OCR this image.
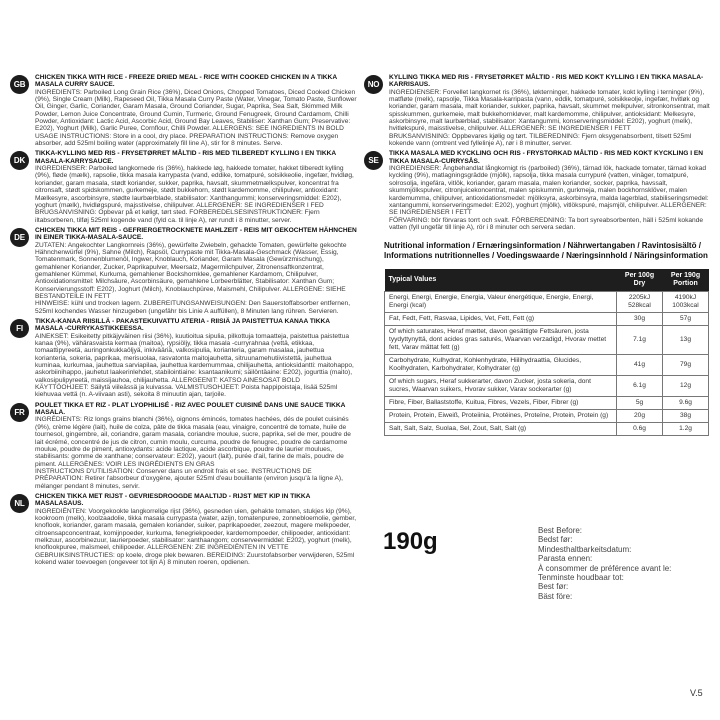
GB

CHICKEN TIKKA WITH RICE - FREEZE DRIED MEAL - RICE WITH COOKED CHICKEN IN A TIKKA MASALA CURRY SAUCE.

INGREDIENTS: Parboiled Long Grain Rice (36%), Diced Onions, Chopped Tomatoes, Diced Cooked Chicken (9%), Single Cream (Milk), Rapeseed Oil, Tikka Masala Curry Paste (Water, Vinegar, Tomato Paste, Sunflower Oil, Ginger, Garlic, Coriander, Garam Masala, Ground Coriander, Sugar, Paprika, Sea Salt, Skimmed Milk Powder, Lemon Juice Concentrate, Ground Cumin, Turmeric, Ground Fenugreek, Ground Cardamom, Chilli Powder, Antioxidant: Lactic Acid, Ascorbic Acid, Ground Bay Leaves, Stabiliser: Xanthan Gum; Preservative: E202), Yoghurt (Milk), Garlic Puree, Cornflour, Chilli Powder. ALLERGENS: SEE INGREDIENTS IN BOLD

USAGE INSTRUCTIONS: Store in a cool, dry place. PREPARATION INSTRUCTIONS: Remove oxygen absorber, add 525ml boiling water (approximately fill line A), stir for 8 minutes. Serve.

DK

TIKKA-KYLLING MED RIS - FRYSETØRRET MÅLTID - RIS MED TILBEREDT KYLLING I EN TIKKA MASALA-KARRYSAUCE.

INGREDIENSER: Parboiled langkornede ris (36%), hakkede løg, hakkede tomater, hakket tilberedt kylling (9%), fløde (mælk), rapsolie, tikka masala karrypasta (vand, eddike, tomatpuré, solsikkeolie, ingefær, hvidløg, koriander, garam masala, stødt koriander, sukker, paprika, havsalt, skummetmælkspulver, koncentrat fra citronsaft, stødt spidskommen, gurkemeje, stødt bukkehorn, stødt kardemomme, chilipulver, antioxidant: Mælkesyre, ascorbinsyre, stødte laurbærblade, stabilisator: Xanthangummi; konserveringsmiddel: E202), yoghurt (mælk), hvidløgspuré, majsstivelse, chilipulver. ALLERGENER: SE INGREDIENSER I FED

BRUGSANVISNING: Opbevar på et køligt, tørt sted. FORBEREDELSESINSTRUKTIONER: Fjern iltabsorberen, tilføj 525ml kogende vand (fyld ca. til linje A), rør rundt i 8 minutter, server.

DE

CHICKEN TIKKA MIT REIS - GEFRIERGETROCKNETE MAHLZEIT - REIS MIT GEKOCHTEM HÄHNCHEN IN EINER TIKKA-MASALA-SAUCE.

ZUTATEN: Angekochter Langkornreis (36%), gewürfelte Zwiebeln, gehackte Tomaten, gewürfelte gekochte Hähnchenwürfel (9%), Sahne (Milch), Rapsöl, Currypaste mit Tikka-Masala-Geschmack (Wasser, Essig, Tomatenmark, Sonnenblumenöl, Ingwer, Knoblauch, Koriander, Garam Masala (Gewürzmischung), gemahlener Koriander, Zucker, Paprikapulver, Meersalz, Magermilchpulver, Zitronensaftkonzentrat, gemahlener Kümmel, Kurkuma, gemahlener Bockshornklee, gemahlener Kardamom, Chilipulver, Antioxidationsmittel: Milchsäure, Ascorbinsäure, gemahlene Lorbeerblätter, Stabilisator: Xanthan Gum; Konservierungsstoff: E202), Joghurt (Milch), Knoblauchpüree, Maismehl, Chilipulver. ALLERGENE: SIEHE BESTANDTEILE IN FETT

HINWEISE: kühl und trocken lagern. ZUBEREITUNGSANWEISUNGEN: Den Sauerstoffabsorber entfernen, 525ml kochendes Wasser hinzugeben (ungefähr bis Linie A auffüllen), 8 Minuten lang rühren. Servieren.

FI

TIKKA-KANAA RIISILLÄ - PAKASTEKUIVATTU ATERIA - RIISIÄ JA PAISTETTUA KANAA TIKKA MASALA -CURRYKASTIKKEESSA.

AINEKSET: Esikeitetty pitkäjyväinen riisi (36%), kuutioitua sipulia, pilkottuja tomaatteja, paistettua paistettua kanaa (9%), vähärasvaista kermaa (maitoa), rypsiöljy, tikka masala -curryrahnaa (vettä, etikkaa, tomaattipyreetä, auringonkukkaöljyä, inkivääriä, valkosipulia, korianteria, garam masalaa, jauhettua korianteria, sokeria, paprikaa, merisuolaa, rasvatonta maitojauhetta, sitruunamehutiivistettä, jauhettua kuminaa, kurkumaa, jauhettua sarviapilaa, jauhettua kardemummaa, chilijauhetta, antioksidantti: maitohappo, askorbiinihappo, jauhetut laakerinlehdet, stabilointiaine: ksantaanikumi; säilöntäaine: E202), jogurttia (maito), valkosipulipyreetä, maissijauhoa, chilijauhetta. ALLERGEENIT: KATSO AINESOSAT BOLD

KÄYTTÖOHJEET: Säilytä viileässä ja kuivassa. VALMISTUSOHJEET: Poista happipoistaja, lisää 525ml kiehuvaa vettä (n. A-viivaan asti), sekoita 8 minuutin ajan, tarjoile.

FR

POULET TIKKA ET RIZ - PLAT LYOPHILISÉ - RIZ AVEC POULET CUISINÉ DANS UNE SAUCE TIKKA MASALA.

INGRÉDIENTS: Riz longs grains blanchi (36%), oignons émincés, tomates hachées, dés de poulet cuisinés (9%), crème légère (lait), huile de colza, pâte de tikka masala (eau, vinaigre, concentré de tomate, huile de tournesol, gingembre, ail, coriandre, garam masala, coriandre moulue, sucre, paprika, sel de mer, poudre de lait écrémé, concentré de jus de citron, cumin moulu, curcuma, poudre de fenugrec, poudre de cardamome moulue, poudre de piment, antioxydants: acide lactique, acide ascorbique, poudre de laurier moulues, stabilisants: gomme de xanthane; conservateur: E202), yaourt (lait), purée d'ail, farine de maïs, poudre de piment. ALLERGÈNES: VOIR LES INGRÉDIENTS EN GRAS

INSTRUCTIONS D'UTILISATION: Conserver dans un endroit frais et sec. INSTRUCTIONS DE PRÉPARATION: Retirer l'absorbeur d'oxygène, ajouter 525ml d'eau bouillante (environ jusqu'à la ligne A), mélanger pendant 8 minutes, servir.

NL

CHICKEN TIKKA MET RIJST - GEVRIESDROOGDE MAALTIJD - RIJST MET KIP IN TIKKA MASALASAUS.

INGREDIËNTEN: Voorgekookte langkorrelige rijst (36%), gesneden uien, gehakte tomaten, stukjes kip (9%), kookroom (melk), koolzaadolie, tikka masala currypasta (water, azijn, tomatenpuree, zonnebloemolie, gember, knoflook, koriander, garam masala, gemalen koriander, suiker, paprikapoeder, zeezout, magere melkpoeder, citroensapconcentraat, komijnpoeder, kurkuma, fenegriekpoeder, kardemompoeder, chilipoeder, antioxidant: melkzuur, ascorbinezuur, laurierpoeder, stabilisator: xanthaangom; conserveermiddel: E202), yoghurt (melk), knoflookpuree, maïsmeel, chilipoeder. ALLERGENEN: ZIE INGREDIËNTEN IN VETTE

GEBRUIKSINSTRUCTIES: op koele, droge plek bewaren. BEREIDING: Zuurstofabsorber verwijderen, 525ml kokend water toevoegen (ongeveer tot lijn A) 8 minuten roeren, opdienen.

NO

KYLLING TIKKA MED RIS - FRYSETØRKET MÅLTID - RIS MED KOKT KYLLING I EN TIKKA MASALA-KARRISAUS.

INGREDIENSER: Forvellet langkornet ris (36%), løkterninger, hakkede tomater, kokt kylling i terninger (9%), matfløte (melk), rapsolje, Tikka Masala-karripasta (vann, eddik, tomatpuré, solsikkeolje, ingefær, hvitløk og koriander, garam masala, malt koriander, sukker, paprika, havsalt, skummet melkpulver, sitronkonsentrat, malt spisskummen, gurkemeie, malt bukkehornkløver, malt kardemomme, chilipulver, antioksidant: Melkesyre, askorbinsyre, malt laurbærblad, stabilisator: Xantangummi, konserveringsmiddel: E202), yoghurt (melk), hvitløkspuré, maisstivelse, chilipulver. ALLERGENER: SE INGREDIENSER I FETT

BRUKSANVISNING: Oppbevares kjølig og tørt. TILBEREDNING: Fjern oksygenabsorbent, tilsett 525ml kokende vann (omtrent ved fyllelinje A), rør i 8 minutter, server.

SE

TIKKA MASALA MED KYCKLING OCH RIS - FRYSTORKAD MÅLTID - RIS MED KOKT KYCKLING I EN TIKKA MASALA-CURRYSÅS.

INGREDIENSER: Ångbehandlat långkornigt ris (parboiled) (36%), tärnad lök, hackade tomater, tärnad kokad kyckling (9%), matlagningsgrädde (mjölk), rapsolja, tikka masala currypuré (vatten, vinäger, tomatpuré, solrosolja, ingefära, vitlök, koriander, garam masala, malen koriander, socker, paprika, havssalt, skummjölkspulver, citronjuicekoncentrat, malen spiskummin, gurkmeja, malen bockhornsklöver, malen kardemumma, chilipulver, antioxidationsmedel: mjölksyra, askorbinsyra, malda lagerblad, stabiliseringsmedel: xantangummi, konserveringsmedel: E202), yoghurt (mjölk), vitlökspuré, majsmjöl, chilipulver. ALLERGENER: SE INGREDIENSER I FETT

FÖRVARING: bör förvaras torrt och svalt. FÖRBEREDNING: Ta bort syreabsorbenten, häll i 525ml kokande vatten (fyll ungefär till linje A), rör i 8 minuter och servera sedan.

Nutritional information / Ernæringsinformation / Nährwertangaben / Ravintosisältö / Informations nutritionnelles / Voedingswaarde / Næringsinnhold / Näringsinformation
Typical Values	Per 100g Dry	Per 190g Portion
Energi, Energi, Energie, Energia, Valeur énergétique, Energie, Energi, Energi (kcal)	2205kJ 528kcal	4190kJ 1003kcal
Fat, Fedt, Fett, Rasvaa, Lipides, Vet, Fett, Fett (g)	30g	57g
Of which saturates, Heraf mættet, davon gesättigte Fettsäuren, josta tyydyttynyttä, dont acides gras saturés, Waarvan verzadigd, Hvorav mettet fett, Varav mättat fett (g)	7.1g	13g
Carbohydrate, Kulhydrat, Kohlenhydrate, Hiilihydraattia, Glucides, Koolhydraten, Karbohydrater, Kolhydrater (g)	41g	79g
Of which sugars, Heraf sukkerarter, davon Zucker, josta sokeria, dont sucres, Waarvan suikers, Hvorav sukker, Varav sockerarter (g)	6.1g	12g
Fibre, Fiber, Ballaststoffe, Kuitua, Fibres, Vezels, Fiber, Fibrer (g)	5g	9.6g
Protein, Protein, Eiweiß, Proteiinia, Protéines, Proteïne, Protein, Protein (g)	20g	38g
Salt, Salt, Salz, Suolaa, Sel, Zout, Salt, Salt (g)	0.6g	1.2g
190g	Best Before:
Bedst før:
Mindesthaltbarkeitsdatum:
Parasta ennen:
À consommer de préférence avant le:
Tenminste houdbaar tot:
Best før:
Bäst före:
V.5
